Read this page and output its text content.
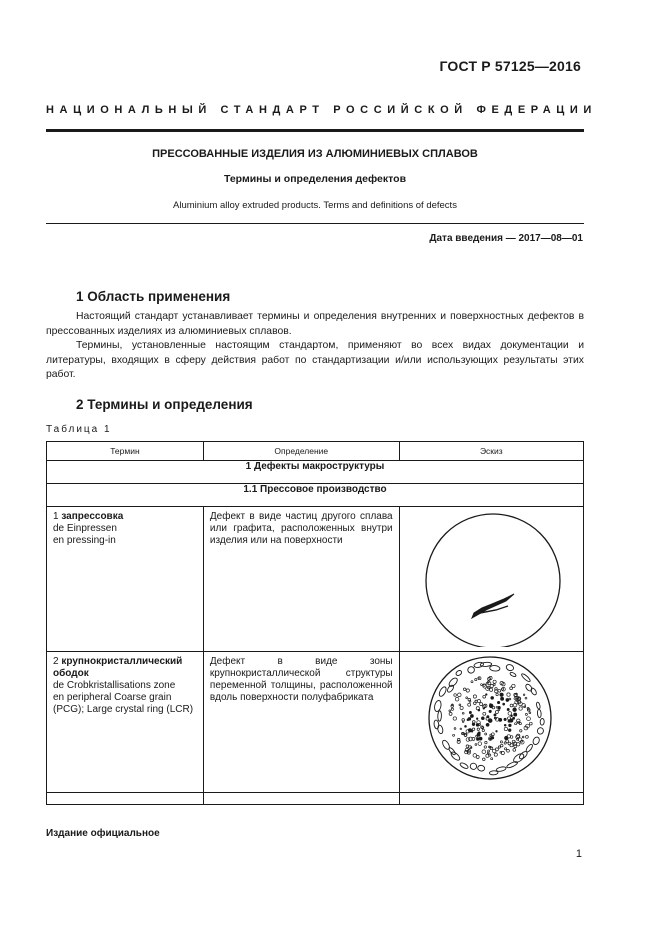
ГОСТ Р 57125—2016
НАЦИОНАЛЬНЫЙ СТАНДАРТ РОССИЙСКОЙ ФЕДЕРАЦИИ
ПРЕССОВАННЫЕ ИЗДЕЛИЯ ИЗ АЛЮМИНИЕВЫХ СПЛАВОВ
Термины и определения дефектов
Aluminium alloy extruded products. Terms and definitions of defects
Дата введения — 2017—08—01
1 Область применения

Настоящий стандарт устанавливает термины и определения внутренних и поверхностных дефектов в прессованных изделиях из алюминиевых сплавов.

Термины, установленные настоящим стандартом, применяют во всех видах документации и литературы, входящих в сферу действия работ по стандартизации и/или использующих результаты этих работ.

2 Термины и определения
Таблица 1
Термин	Определение	Эскиз
1 Дефекты макроструктуры		
1.1 Прессовое производство		

1 запрессовка
de Einpressen
en pressing-in	Дефект в виде частиц другого сплава или графита, расположенных внутри изделия или на поверхности	

2 крупнокристаллический ободок
de Crobkristallisations zone
en peripheral Coarse grain (PCG); Large crystal ring (LCR)	Дефект в виде зоны крупнокристаллической структуры переменной толщины, расположенной вдоль поверхности полуфабриката	
Издание официальное
1
